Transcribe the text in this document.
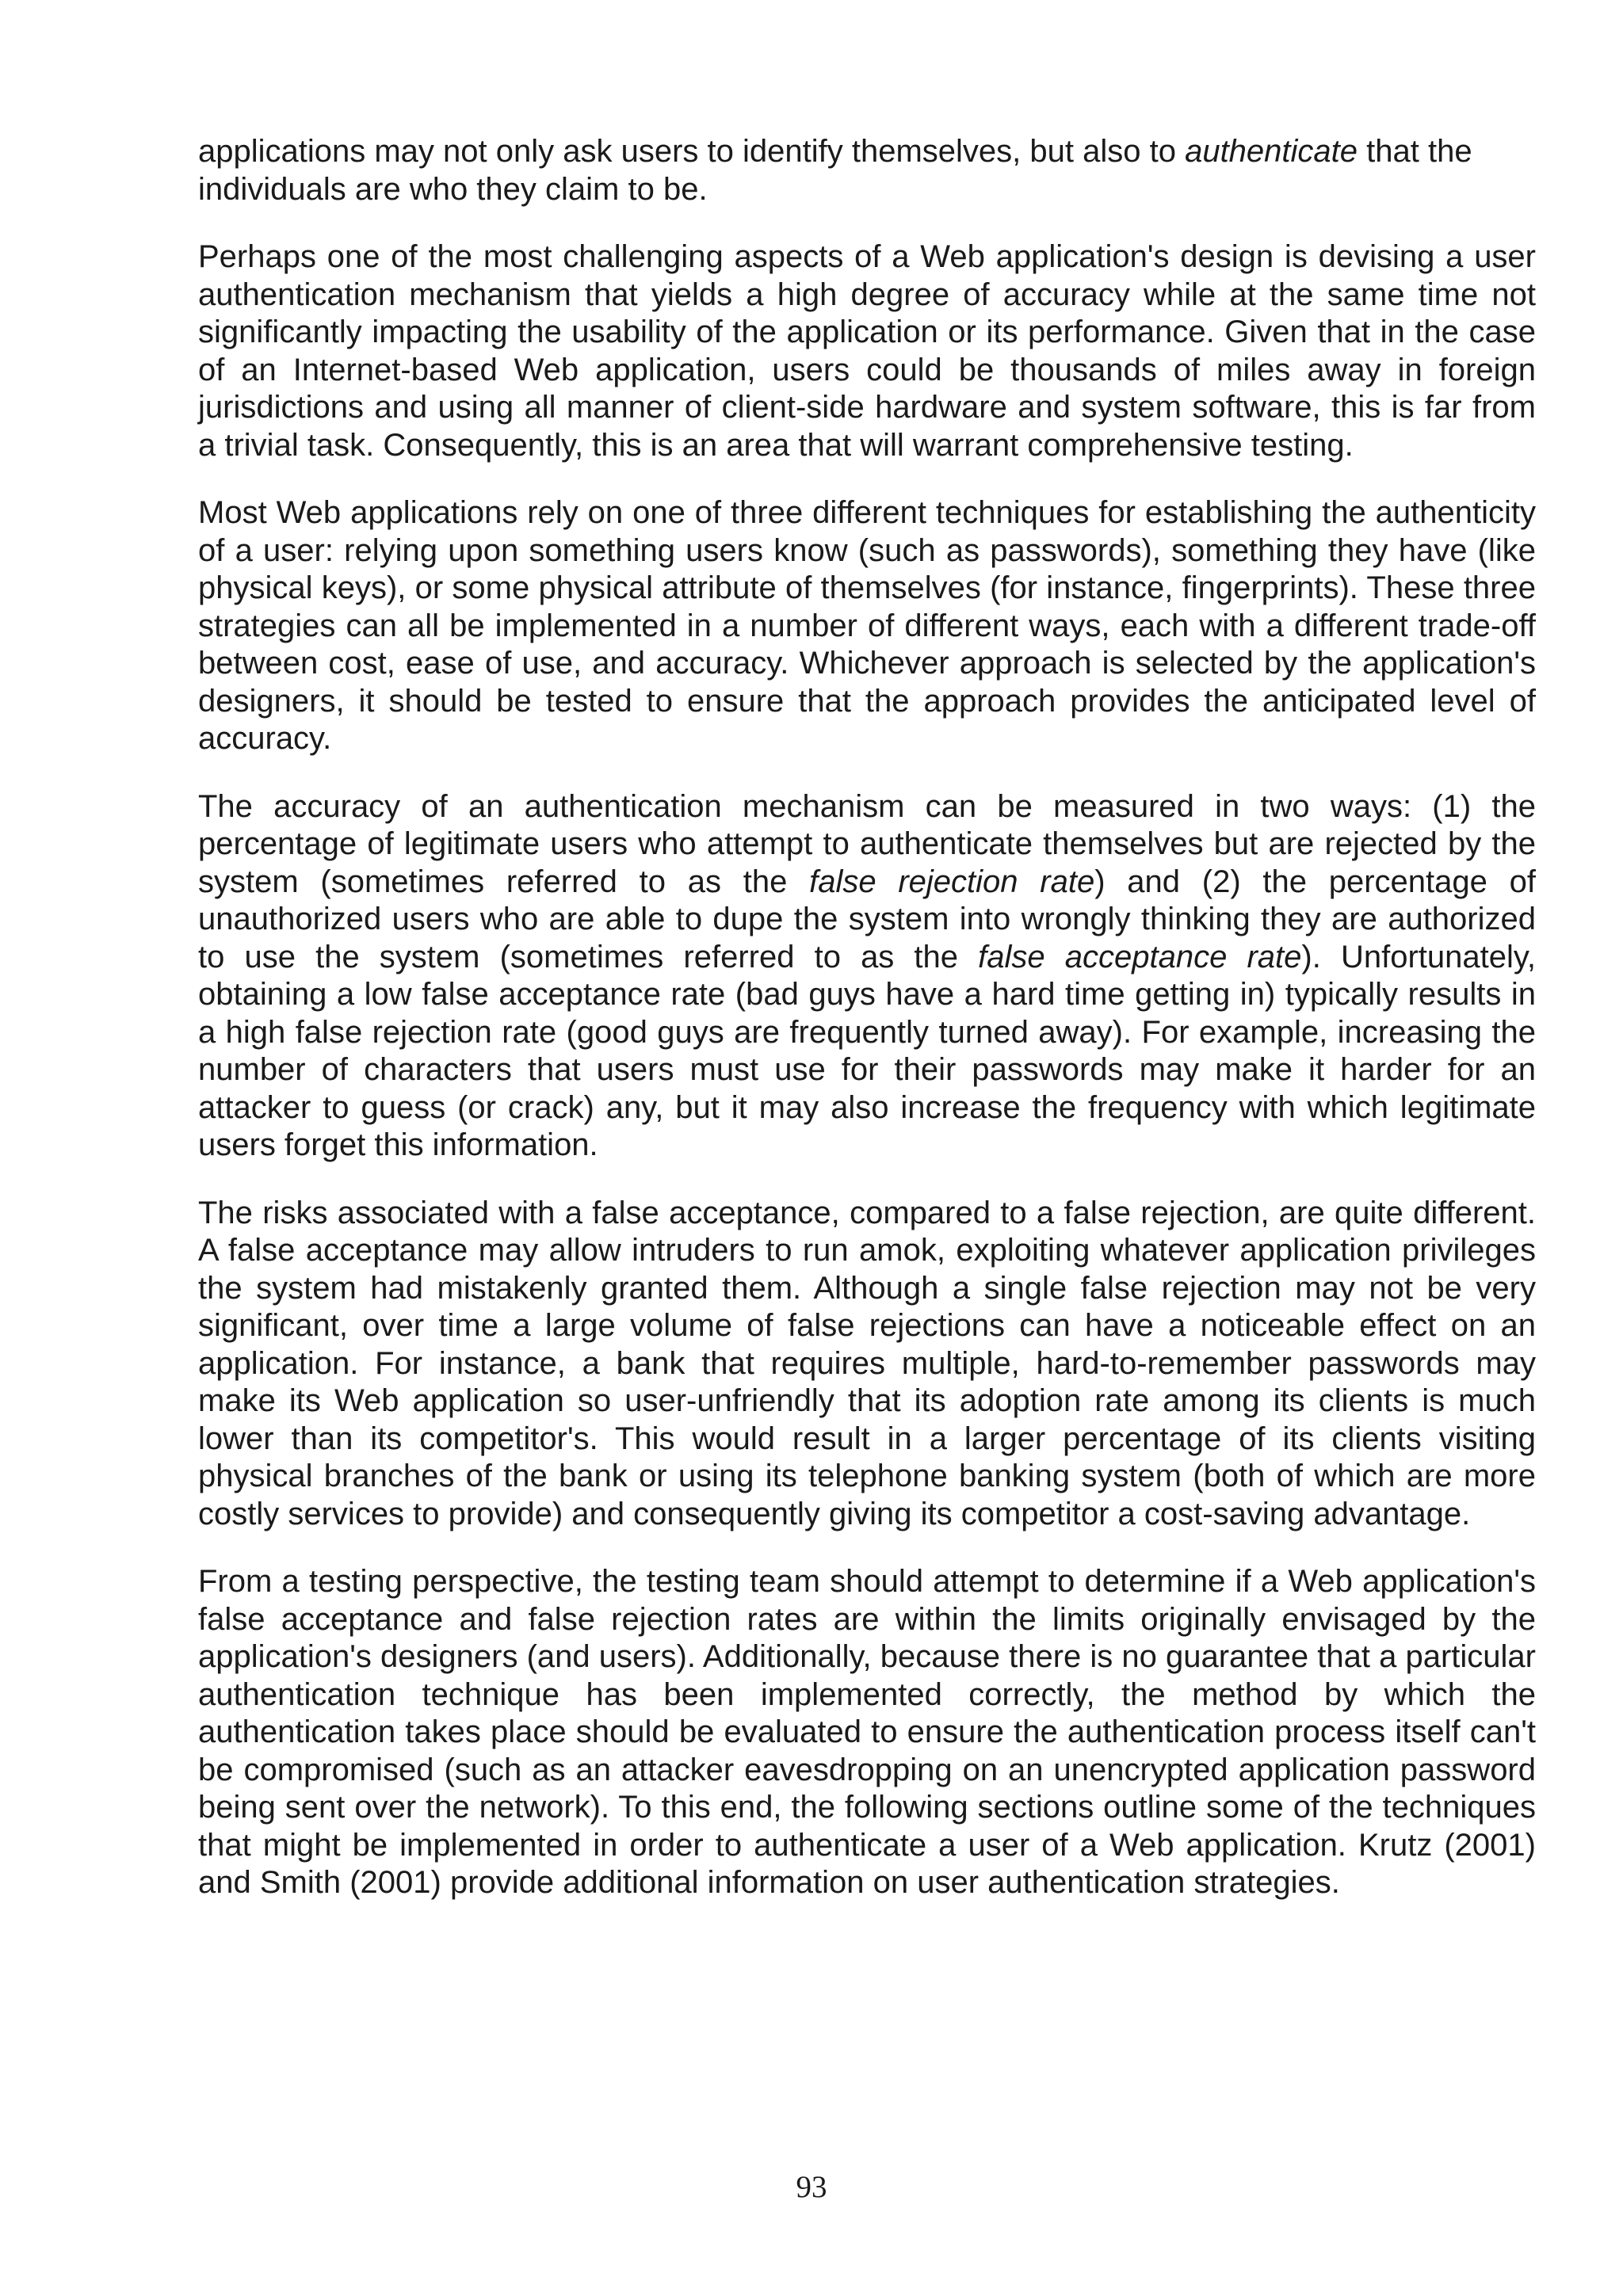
applications may not only ask users to identify themselves, but also to authenticate that the individuals are who they claim to be.

Perhaps one of the most challenging aspects of a Web application's design is devising a user authentication mechanism that yields a high degree of accuracy while at the same time not significantly impacting the usability of the application or its performance. Given that in the case of an Internet-based Web application, users could be thousands of miles away in foreign jurisdictions and using all manner of client-side hardware and system software, this is far from a trivial task. Consequently, this is an area that will warrant comprehensive testing.

Most Web applications rely on one of three different techniques for establishing the authenticity of a user: relying upon something users know (such as passwords), something they have (like physical keys), or some physical attribute of themselves (for instance, fingerprints). These three strategies can all be implemented in a number of different ways, each with a different trade-off between cost, ease of use, and accuracy. Whichever approach is selected by the application's designers, it should be tested to ensure that the approach provides the anticipated level of accuracy.

The accuracy of an authentication mechanism can be measured in two ways: (1) the percentage of legitimate users who attempt to authenticate themselves but are rejected by the system (sometimes referred to as the false rejection rate) and (2) the percentage of unauthorized users who are able to dupe the system into wrongly thinking they are authorized to use the system (sometimes referred to as the false acceptance rate). Unfortunately, obtaining a low false acceptance rate (bad guys have a hard time getting in) typically results in a high false rejection rate (good guys are frequently turned away). For example, increasing the number of characters that users must use for their passwords may make it harder for an attacker to guess (or crack) any, but it may also increase the frequency with which legitimate users forget this information.

The risks associated with a false acceptance, compared to a false rejection, are quite different. A false acceptance may allow intruders to run amok, exploiting whatever application privileges the system had mistakenly granted them. Although a single false rejection may not be very significant, over time a large volume of false rejections can have a noticeable effect on an application. For instance, a bank that requires multiple, hard-to-remember passwords may make its Web application so user-unfriendly that its adoption rate among its clients is much lower than its competitor's. This would result in a larger percentage of its clients visiting physical branches of the bank or using its telephone banking system (both of which are more costly services to provide) and consequently giving its competitor a cost-saving advantage.

From a testing perspective, the testing team should attempt to determine if a Web application's false acceptance and false rejection rates are within the limits originally envisaged by the application's designers (and users). Additionally, because there is no guarantee that a particular authentication technique has been implemented correctly, the method by which the authentication takes place should be evaluated to ensure the authentication process itself can't be compromised (such as an attacker eavesdropping on an unencrypted application password being sent over the network). To this end, the following sections outline some of the techniques that might be implemented in order to authenticate a user of a Web application. Krutz (2001) and Smith (2001) provide additional information on user authentication strategies.

93
